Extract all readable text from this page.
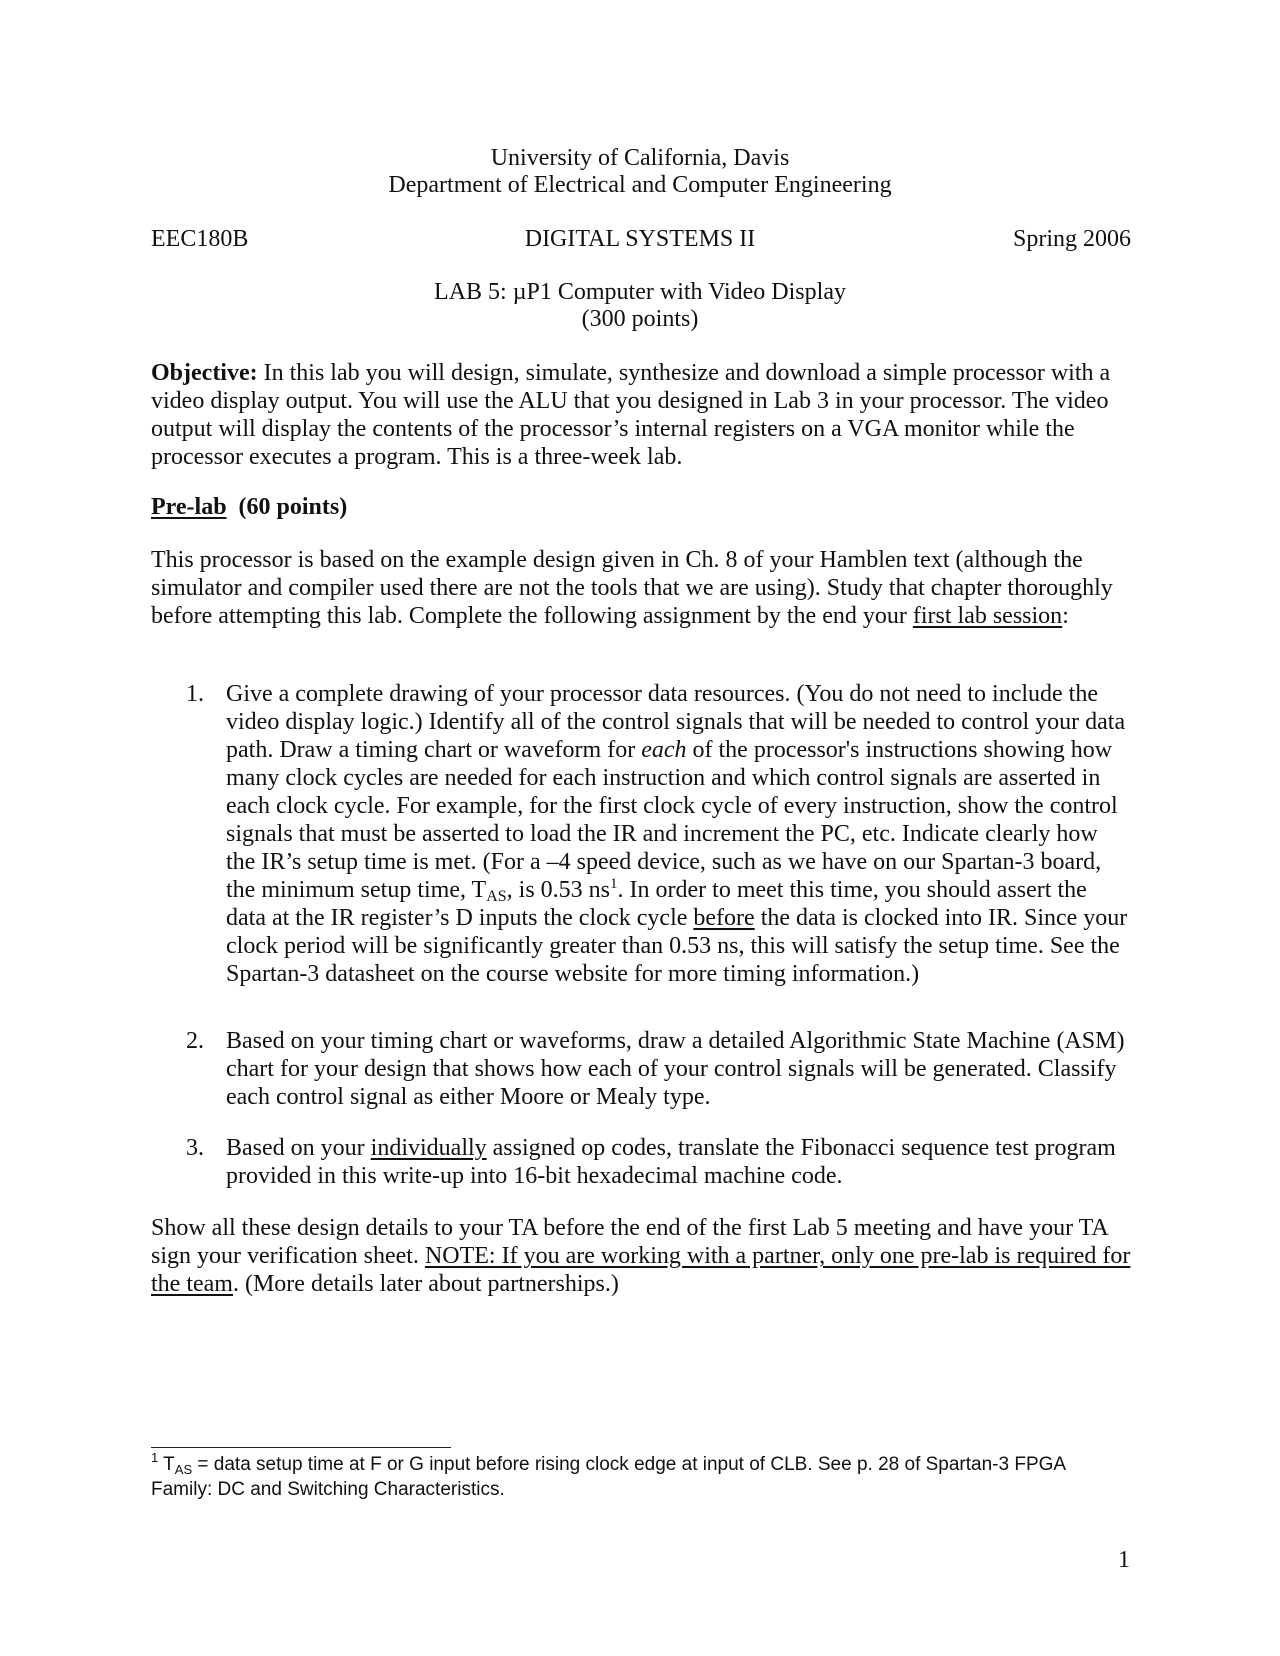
University of California, Davis
Department of Electrical and Computer Engineering
EEC180B	DIGITAL SYSTEMS II	Spring 2006
LAB 5: µP1 Computer with Video Display
(300 points)
Objective: In this lab you will design, simulate, synthesize and download a simple processor with a video display output. You will use the ALU that you designed in Lab 3 in your processor. The video output will display the contents of the processor’s internal registers on a VGA monitor while the processor executes a program. This is a three-week lab.
Pre-lab (60 points)
This processor is based on the example design given in Ch. 8 of your Hamblen text (although the simulator and compiler used there are not the tools that we are using). Study that chapter thoroughly before attempting this lab. Complete the following assignment by the end your first lab session:
1. Give a complete drawing of your processor data resources. (You do not need to include the video display logic.) Identify all of the control signals that will be needed to control your data path. Draw a timing chart or waveform for each of the processor's instructions showing how many clock cycles are needed for each instruction and which control signals are asserted in each clock cycle. For example, for the first clock cycle of every instruction, show the control signals that must be asserted to load the IR and increment the PC, etc. Indicate clearly how the IR’s setup time is met. (For a –4 speed device, such as we have on our Spartan-3 board, the minimum setup time, $T_{AS}$, is 0.53 $ns^1$. In order to meet this time, you should assert the data at the IR register’s D inputs the clock cycle before the data is clocked into IR. Since your clock period will be significantly greater than 0.53 ns, this will satisfy the setup time. See the Spartan-3 datasheet on the course website for more timing information.)
2. Based on your timing chart or waveforms, draw a detailed Algorithmic State Machine (ASM) chart for your design that shows how each of your control signals will be generated. Classify each control signal as either Moore or Mealy type.
3. Based on your individually assigned op codes, translate the Fibonacci sequence test program provided in this write-up into 16-bit hexadecimal machine code.
Show all these design details to your TA before the end of the first Lab 5 meeting and have your TA sign your verification sheet. NOTE: If you are working with a partner, only one pre-lab is required for the team. (More details later about partnerships.)
$^1$ $T_{AS}$ = data setup time at F or G input before rising clock edge at input of CLB. See p. 28 of Spartan-3 FPGA Family: DC and Switching Characteristics.
1
